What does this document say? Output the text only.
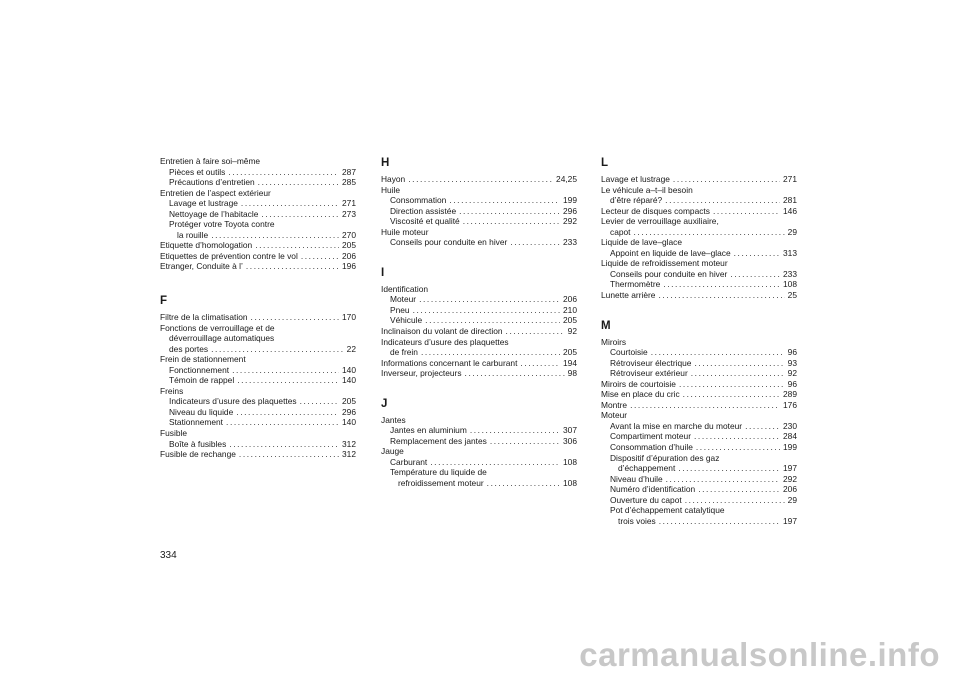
Entretien à faire soi–même
Pièces et outils .....	287
Précautions d’entretien .....	285
Entretien de l’aspect extérieur
Lavage et lustrage .....	271
Nettoyage de l’habitacle .....	273
Protéger votre Toyota contre
la rouille .....	270
Etiquette d’homologation .....	205
Etiquettes de prévention contre le vol .....	206
Etranger, Conduite à l’ .....	196
F
Filtre de la climatisation .....	170
Fonctions de verrouillage et de
déverrouillage automatiques
des portes .....	22
Frein de stationnement
Fonctionnement .....	140
Témoin de rappel .....	140
Freins
Indicateurs d’usure des plaquettes .....	205
Niveau du liquide .....	296
Stationnement .....	140
Fusible
Boîte à fusibles .....	312
Fusible de rechange .....	312
H
Hayon .....	24,25
Huile
Consommation .....	199
Direction assistée .....	296
Viscosité et qualité .....	292
Huile moteur
Conseils pour conduite en hiver .....	233
I
Identification
Moteur .....	206
Pneu .....	210
Véhicule .....	205
Inclinaison du volant de direction .....	92
Indicateurs d’usure des plaquettes
de frein .....	205
Informations concernant le carburant .....	194
Inverseur, projecteurs .....	98
J
Jantes
Jantes en aluminium .....	307
Remplacement des jantes .....	306
Jauge
Carburant .....	108
Température du liquide de
refroidissement moteur .....	108
L
Lavage et lustrage .....	271
Le véhicule a–t–il besoin
d’être réparé? .....	281
Lecteur de disques compacts .....	146
Levier de verrouillage auxiliaire,
capot .....	29
Liquide de lave–glace
Appoint en liquide de lave–glace .....	313
Liquide de refroidissement moteur
Conseils pour conduite en hiver .....	233
Thermomètre .....	108
Lunette arrière .....	25
M
Miroirs
Courtoisie .....	96
Rétroviseur électrique .....	93
Rétroviseur extérieur .....	92
Miroirs de courtoisie .....	96
Mise en place du cric .....	289
Montre .....	176
Moteur
Avant la mise en marche du moteur .....	230
Compartiment moteur .....	284
Consommation d’huile .....	199
Dispositif d’épuration des gaz
d’échappement .....	197
Niveau d’huile .....	292
Numéro d’identification .....	206
Ouverture du capot .....	29
Pot d’échappement catalytique
trois voies .....	197
334
carmanualsonline.info
